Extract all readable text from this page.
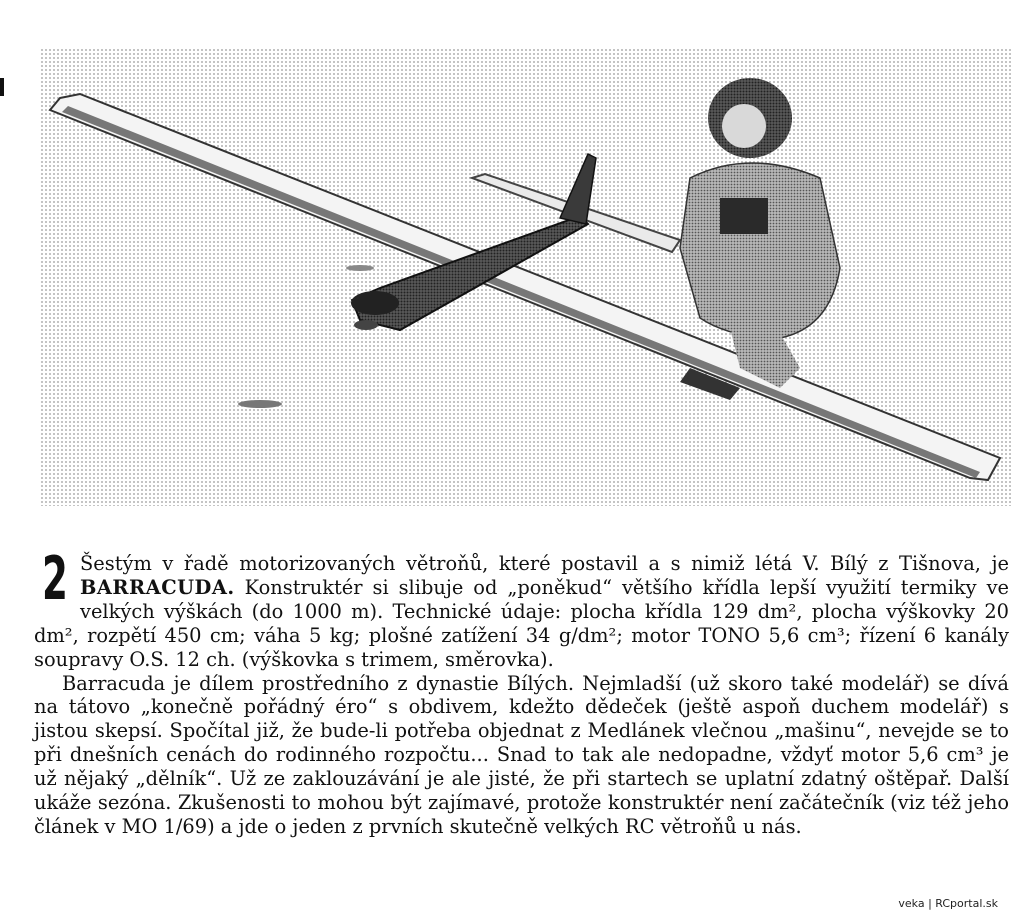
2 Šestým v řadě motorizovaných větroňů, které postavil a s nimiž létá V. Bílý z Tišnova, je BARRACUDA. Konstruktér si slibuje od „poněkud“ většího křídla lepší využití termiky ve velkých výškách (do 1000 m). Technické údaje: plocha křídla 129 dm², plocha výškovky 20 dm², rozpětí 450 cm; váha 5 kg; plošné zatížení 34 g/dm²; motor TONO 5,6 cm³; řízení 6 kanály soupravy O.S. 12 ch. (výškovka s trimem, směrovka).

Barracuda je dílem prostředního z dynastie Bílých. Nejmladší (už skoro také modelář) se dívá na tátovo „konečně pořádný éro“ s obdivem, kdežto dědeček (ještě aspoň duchem modelář) s jistou skepsí. Spočítal již, že bude-li potřeba objednat z Medlánek vlečnou „mašinu“, nevejde se to při dnešních cenách do rodinného rozpočtu... Snad to tak ale nedopadne, vždyť motor 5,6 cm³ je už nějaký „dělník“. Už ze zaklouzávání je ale jisté, že při startech se uplatní zdatný oštěpař. Další ukáže sezóna. Zkušenosti to mohou být zajímavé, protože konstruktér není začátečník (viz též jeho článek v MO 1/69) a jde o jeden z prvních skutečně velkých RC větroňů u nás.

veka | RCportal.sk
